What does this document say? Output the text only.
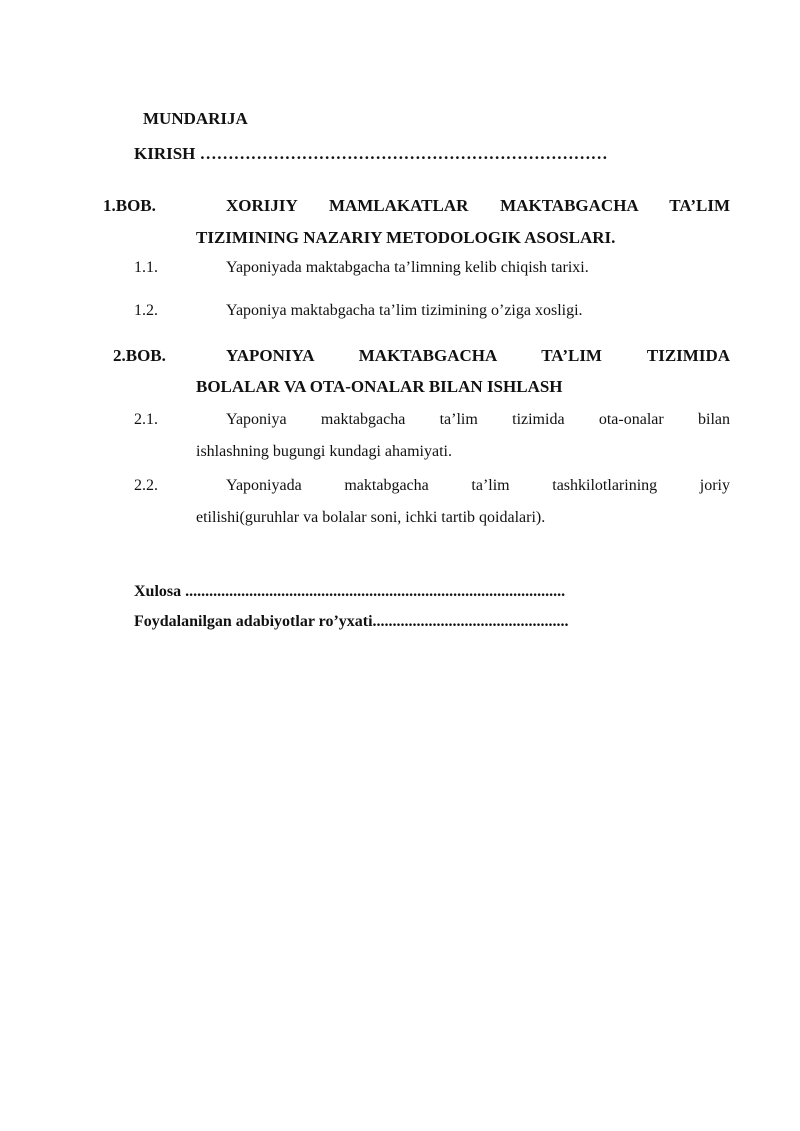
MUNDARIJA
KIRISH ………………………………………………………………
1.BOB.	XORIJIY MAMLAKATLAR MAKTABGACHA TA’LIM
TIZIMINING NAZARIY METODOLOGIK ASOSLARI.
1.1.	Yaponiyada maktabgacha ta’limning kelib chiqish tarixi.
1.2.	Yaponiya maktabgacha ta’lim tizimining o’ziga xosligi.
2.BOB.	YAPONIYA MAKTABGACHA TA’LIM TIZIMIDA
BOLALAR VA OTA-ONALAR BILAN ISHLASH
2.1.	Yaponiya maktabgacha ta’lim tizimida ota-onalar bilan
ishlashning bugungi kundagi ahamiyati.
2.2.	Yaponiyada maktabgacha ta’lim tashkilotlarining joriy
etilishi(guruhlar va bolalar soni, ichki tartib qoidalari).
Xulosa ...............................................................................................
Foydalanilgan adabiyotlar ro’yxati.................................................
